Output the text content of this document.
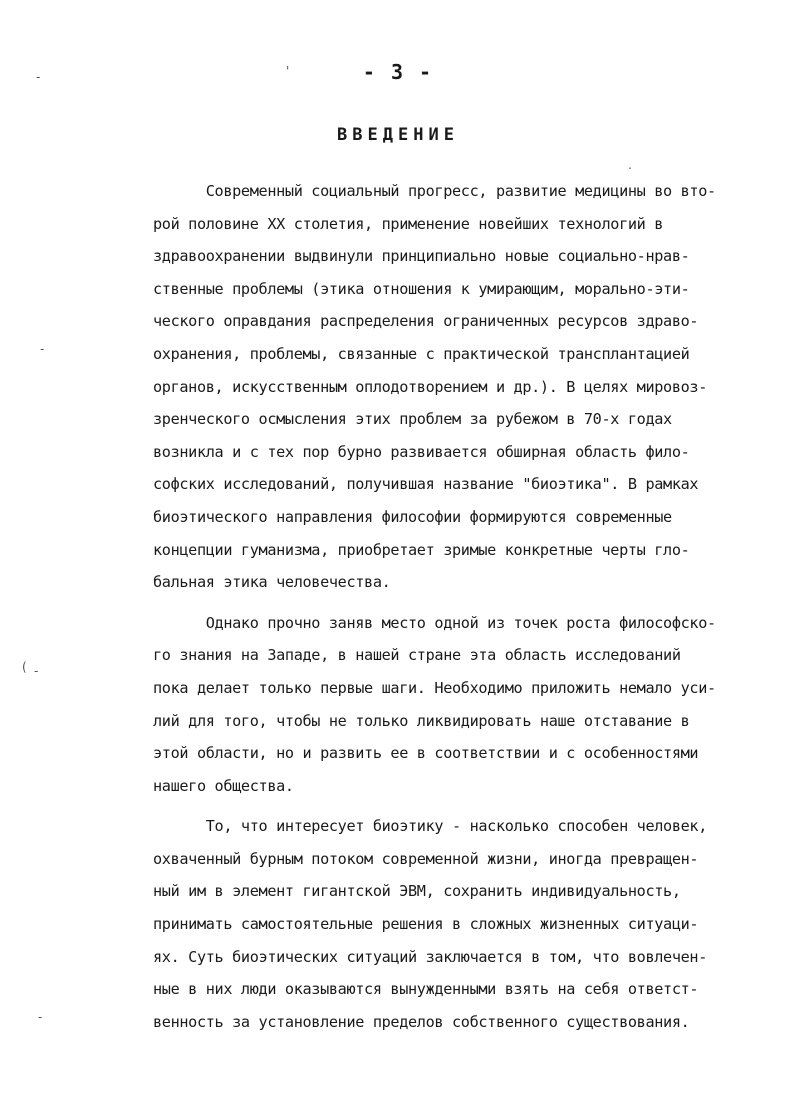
- 3 -
ВВЕДЕНИЕ
Современный социальный прогресс, развитие медицины во вто-
рой половине XX столетия, применение новейших технологий в
здравоохранении выдвинули принципиально новые социально-нрав-
ственные проблемы (этика отношения к умирающим, морально-эти-
ческого оправдания распределения ограниченных ресурсов здраво-
охранения, проблемы, связанные с практической трансплантацией
органов, искусственным оплодотворением и др.). В целях мировоз-
зренческого осмысления этих проблем за рубежом в 70-х годах
возникла и с тех пор бурно развивается обширная область фило-
софских исследований, получившая название "биоэтика". В рамках
биоэтического направления философии формируются современные
концепции гуманизма, приобретает зримые конкретные черты гло-
бальная этика человечества.
Однако прочно заняв место одной из точек роста философско-
го знания на Западе, в нашей стране эта область исследований
пока делает только первые шаги. Необходимо приложить немало уси-
лий для того, чтобы не только ликвидировать наше отставание в
этой области, но и развить ее в соответствии и с особенностями
нашего общества.
То, что интересует биоэтику - насколько способен человек,
охваченный бурным потоком современной жизни, иногда превращен-
ный им в элемент гигантской ЭВМ, сохранить индивидуальность,
принимать самостоятельные решения в сложных жизненных ситуаци-
ях. Суть биоэтических ситуаций заключается в том, что вовлечен-
ные в них люди оказываются вынужденными взять на себя ответст-
венность за установление пределов собственного существования.
-	'
-
( -
-
.
